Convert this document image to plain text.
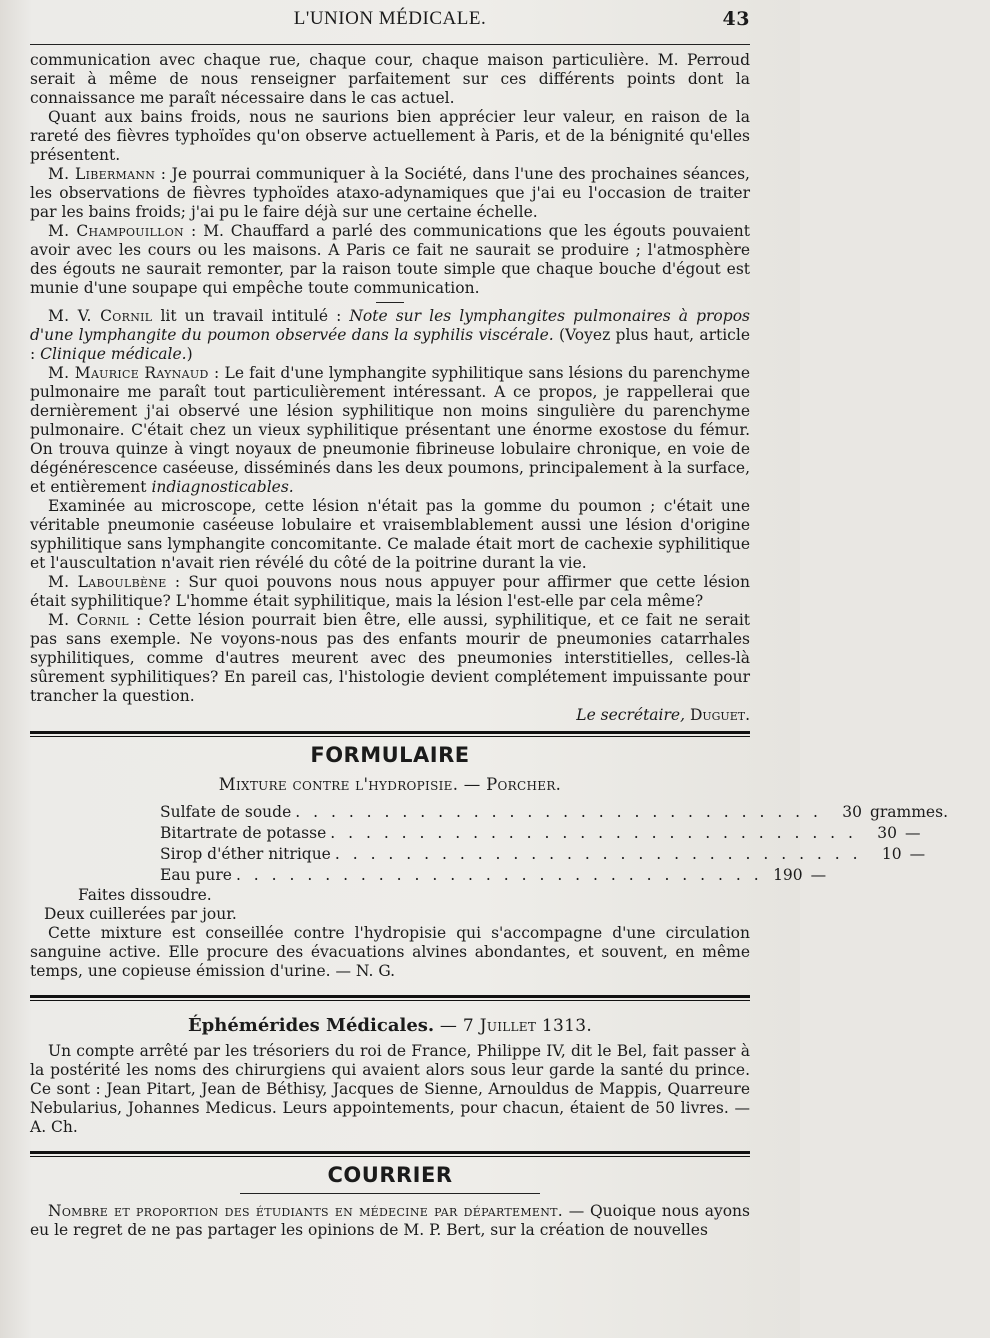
L'UNION MÉDICALE.	43

communication avec chaque rue, chaque cour, chaque maison particulière. M. Perroud serait à même de nous renseigner parfaitement sur ces différents points dont la connaissance me paraît nécessaire dans le cas actuel.

Quant aux bains froids, nous ne saurions bien apprécier leur valeur, en raison de la rareté des fièvres typhoïdes qu'on observe actuellement à Paris, et de la bénignité qu'elles présentent.

M. Libermann : Je pourrai communiquer à la Société, dans l'une des prochaines séances, les observations de fièvres typhoïdes ataxo-adynamiques que j'ai eu l'occasion de traiter par les bains froids; j'ai pu le faire déjà sur une certaine échelle.

M. Champouillon : M. Chauffard a parlé des communications que les égouts pouvaient avoir avec les cours ou les maisons. A Paris ce fait ne saurait se produire ; l'atmosphère des égouts ne saurait remonter, par la raison toute simple que chaque bouche d'égout est munie d'une soupape qui empêche toute communication.

M. V. Cornil lit un travail intitulé : Note sur les lymphangites pulmonaires à propos d'une lymphangite du poumon observée dans la syphilis viscérale. (Voyez plus haut, article : Clinique médicale.)

M. Maurice Raynaud : Le fait d'une lymphangite syphilitique sans lésions du parenchyme pulmonaire me paraît tout particulièrement intéressant. A ce propos, je rappellerai que dernièrement j'ai observé une lésion syphilitique non moins singulière du parenchyme pulmonaire. C'était chez un vieux syphilitique présentant une énorme exostose du fémur. On trouva quinze à vingt noyaux de pneumonie fibrineuse lobulaire chronique, en voie de dégénérescence caséeuse, disséminés dans les deux poumons, principalement à la surface, et entièrement indiagnosticables.

Examinée au microscope, cette lésion n'était pas la gomme du poumon ; c'était une véritable pneumonie caséeuse lobulaire et vraisemblablement aussi une lésion d'origine syphilitique sans lymphangite concomitante. Ce malade était mort de cachexie syphilitique et l'auscultation n'avait rien révélé du côté de la poitrine durant la vie.

M. Laboulbène : Sur quoi pouvons nous nous appuyer pour affirmer que cette lésion était syphilitique? L'homme était syphilitique, mais la lésion l'est-elle par cela même?

M. Cornil : Cette lésion pourrait bien être, elle aussi, syphilitique, et ce fait ne serait pas sans exemple. Ne voyons-nous pas des enfants mourir de pneumonies catarrhales syphilitiques, comme d'autres meurent avec des pneumonies interstitielles, celles-là sûrement syphilitiques? En pareil cas, l'histologie devient complétement impuissante pour trancher la question.

Le secrétaire, Duguet.
FORMULAIRE
Mixture contre l'hydropisie. — Porcher.
Sulfate de soude . . . . . . . . . . . . . . . . . . . . . . . . . . . . . .	30 grammes.
Bitartrate de potasse . . . . . . . . . . . . . . . . . . . . . . . . . . . . . .	30 —
Sirop d'éther nitrique . . . . . . . . . . . . . . . . . . . . . . . . . . . . . .	10 —
Eau pure . . . . . . . . . . . . . . . . . . . . . . . . . . . . . . 190 —
Faites dissoudre.
Deux cuillerées par jour.

Cette mixture est conseillée contre l'hydropisie qui s'accompagne d'une circulation sanguine active. Elle procure des évacuations alvines abondantes, et souvent, en même temps, une copieuse émission d'urine. — N. G.

Éphémérides Médicales. — 7 Juillet 1313.

Un compte arrêté par les trésoriers du roi de France, Philippe IV, dit le Bel, fait passer à la postérité les noms des chirurgiens qui avaient alors sous leur garde la santé du prince. Ce sont : Jean Pitart, Jean de Béthisy, Jacques de Sienne, Arnouldus de Mappis, Quarreure Nebularius, Johannes Medicus. Leurs appointements, pour chacun, étaient de 50 livres. — A. Ch.

COURRIER

Nombre et proportion des étudiants en médecine par département. — Quoique nous ayons eu le regret de ne pas partager les opinions de M. P. Bert, sur la création de nouvelles
